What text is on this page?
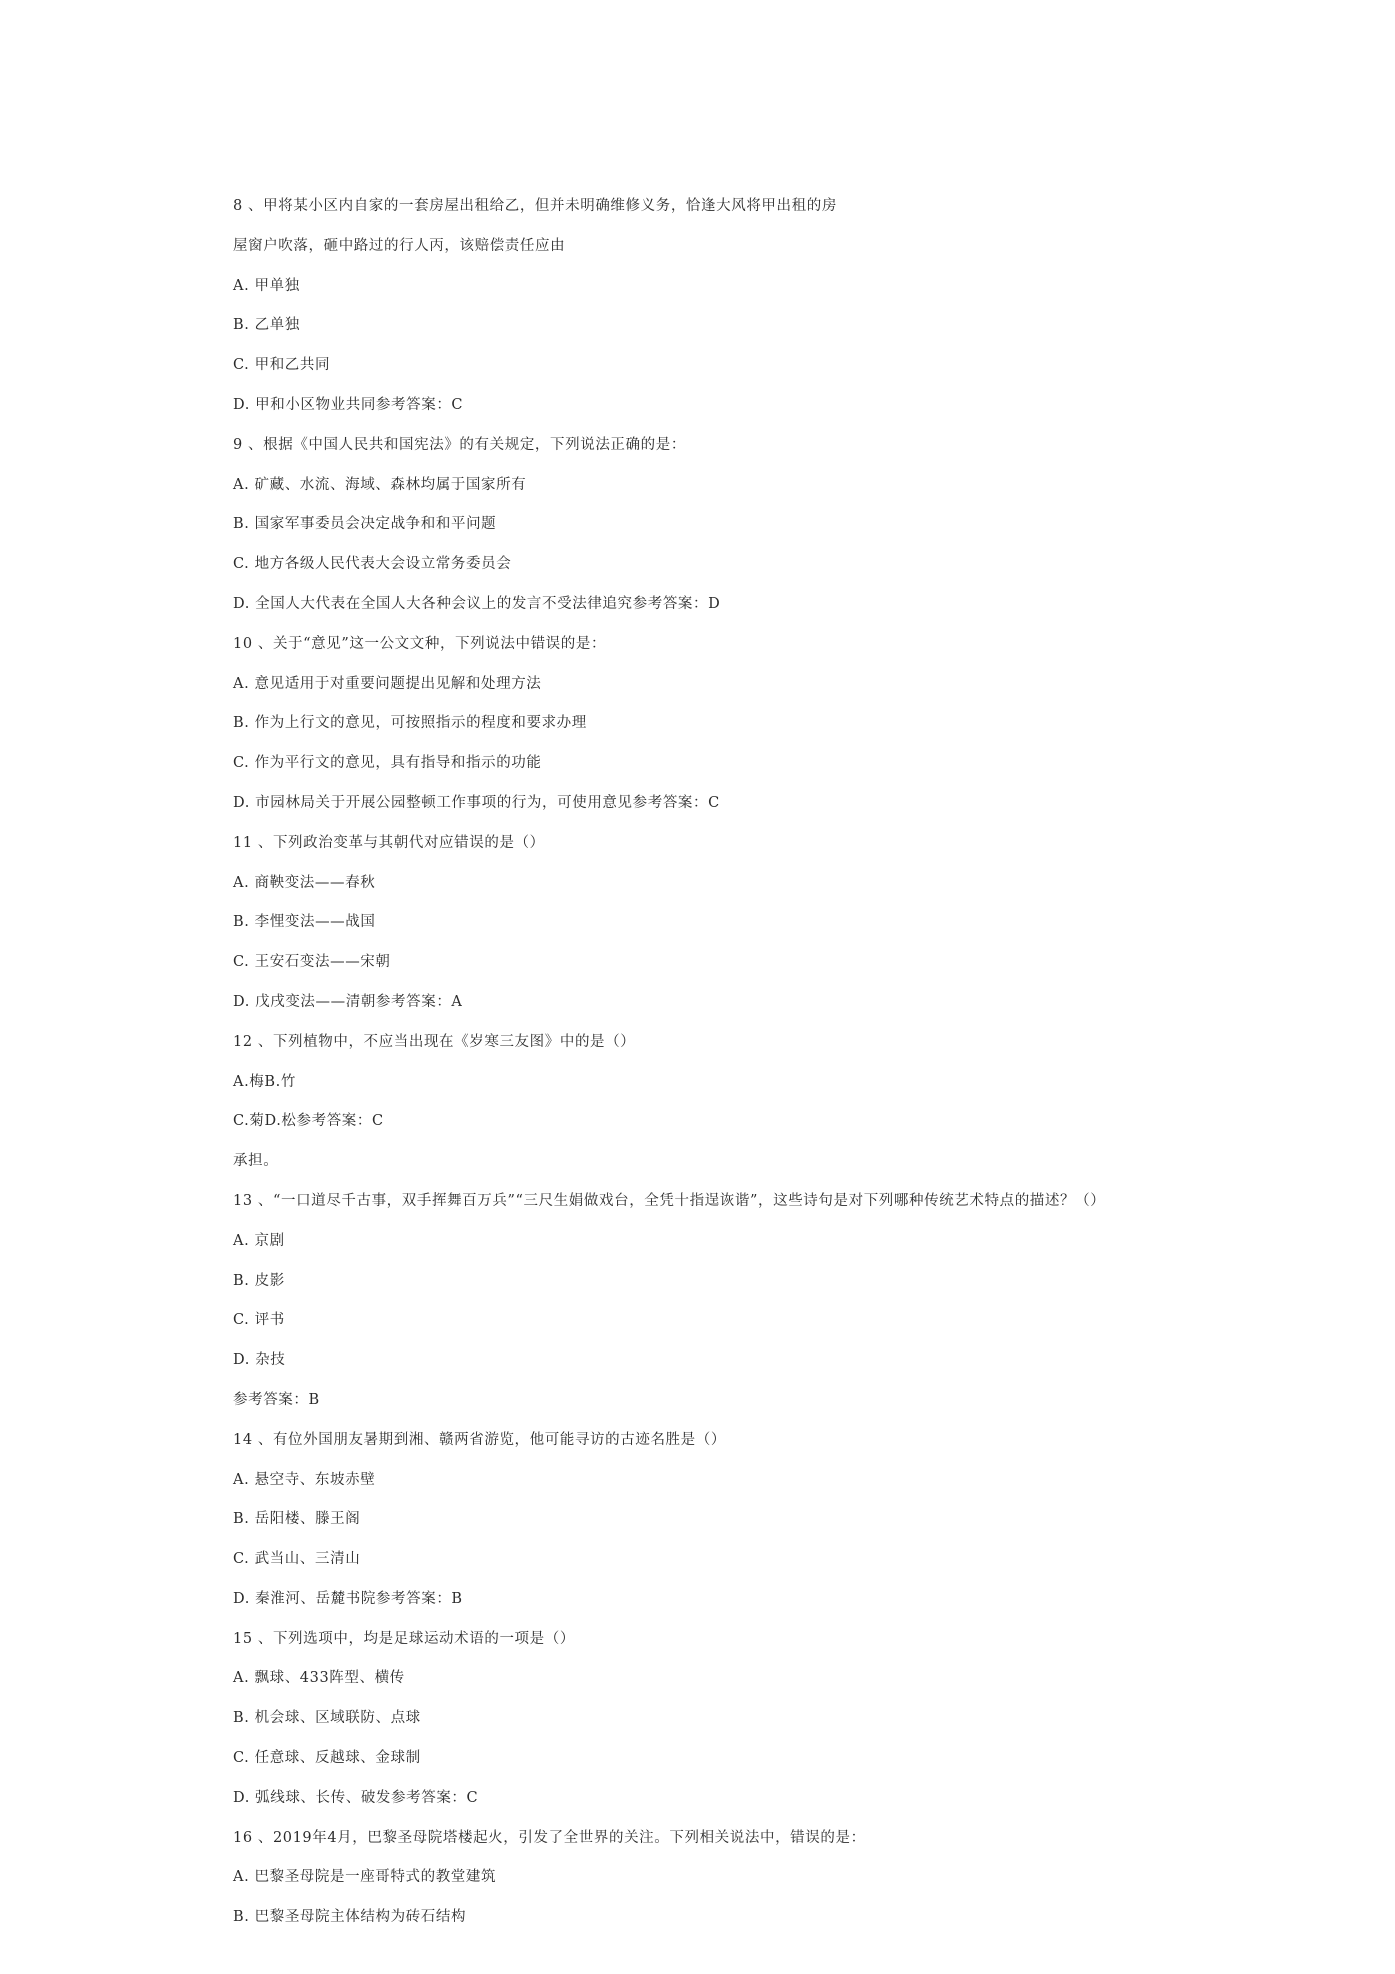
8 、甲将某小区内自家的一套房屋出租给乙，但并未明确维修义务，恰逢大风将甲出租的房
屋窗户吹落，砸中路过的行人丙，该赔偿责任应由
A. 甲单独
B. 乙单独
C. 甲和乙共同
D. 甲和小区物业共同参考答案：C
9 、根据《中国人民共和国宪法》的有关规定，下列说法正确的是：
A. 矿藏、水流、海域、森林均属于国家所有
B. 国家军事委员会决定战争和和平问题
C. 地方各级人民代表大会设立常务委员会
D. 全国人大代表在全国人大各种会议上的发言不受法律追究参考答案：D
10 、关于“意见”这一公文文种，下列说法中错误的是：
A. 意见适用于对重要问题提出见解和处理方法
B. 作为上行文的意见，可按照指示的程度和要求办理
C. 作为平行文的意见，具有指导和指示的功能
D. 市园林局关于开展公园整顿工作事项的行为，可使用意见参考答案：C
11 、下列政治变革与其朝代对应错误的是（）
A. 商鞅变法——春秋
B. 李悝变法——战国
C. 王安石变法——宋朝
D. 戊戌变法——清朝参考答案：A
12 、下列植物中，不应当出现在《岁寒三友图》中的是（）
A.梅B.竹
C.菊D.松参考答案：C
承担。
13 、“一口道尽千古事，双手挥舞百万兵”“三尺生娟做戏台，全凭十指逞诙谐”，这些诗句是对下列哪种传统艺术特点的描述？（）
A. 京剧
B. 皮影
C. 评书
D. 杂技
参考答案：B
14 、有位外国朋友暑期到湘、赣两省游览，他可能寻访的古迹名胜是（）
A. 悬空寺、东坡赤壁
B. 岳阳楼、滕王阁
C. 武当山、三清山
D. 秦淮河、岳麓书院参考答案：B
15 、下列选项中，均是足球运动术语的一项是（）
A. 飘球、433阵型、横传
B. 机会球、区域联防、点球
C. 任意球、反越球、金球制
D. 弧线球、长传、破发参考答案：C
16 、2019年4月，巴黎圣母院塔楼起火，引发了全世界的关注。下列相关说法中，错误的是：
A. 巴黎圣母院是一座哥特式的教堂建筑
B. 巴黎圣母院主体结构为砖石结构
